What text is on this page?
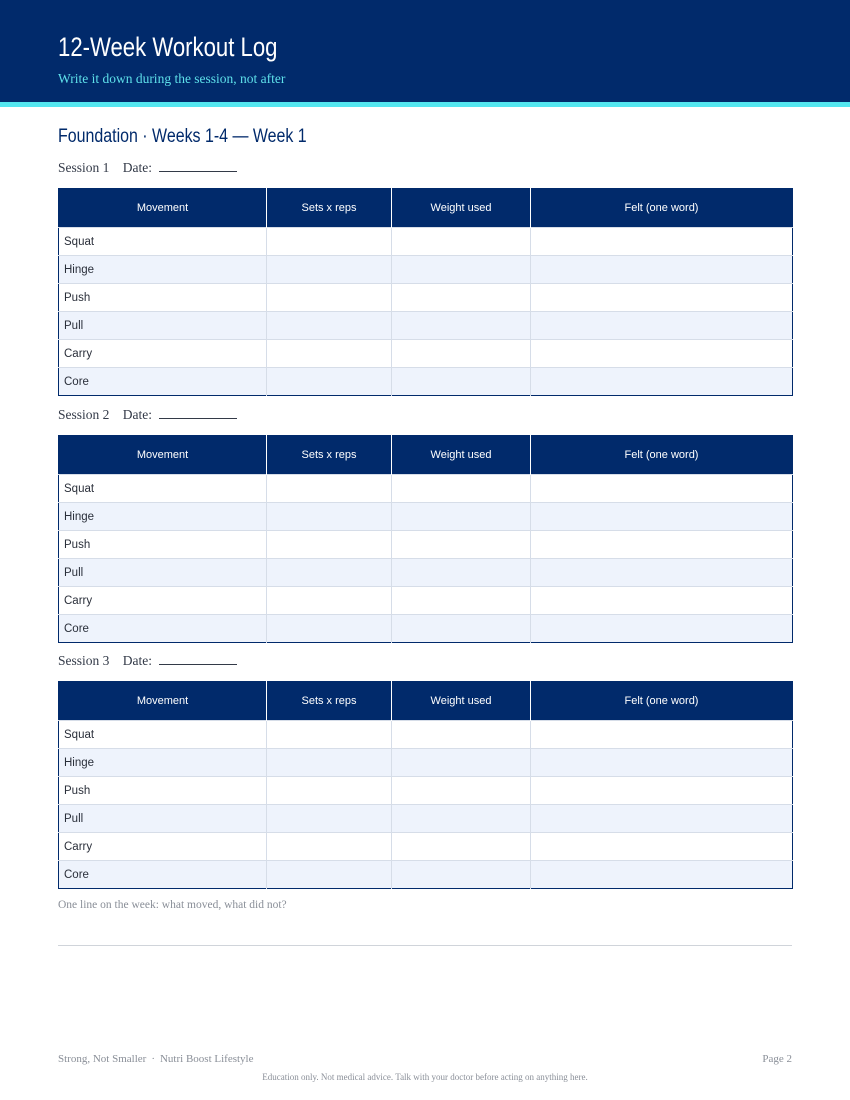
12-Week Workout Log
Write it down during the session, not after
Foundation · Weeks 1-4 — Week 1
Session 1 Date:
Movement	Sets x reps	Weight used	Felt (one word)
Squat			
Hinge			
Push			
Pull			
Carry			
Core			
Session 2 Date:
Movement	Sets x reps	Weight used	Felt (one word)
Squat			
Hinge			
Push			
Pull			
Carry			
Core			
Session 3 Date:
Movement	Sets x reps	Weight used	Felt (one word)
Squat			
Hinge			
Push			
Pull			
Carry			
Core			
One line on the week: what moved, what did not?
Strong, Not Smaller · Nutri Boost Lifestyle	Page 2
Education only. Not medical advice. Talk with your doctor before acting on anything here.
